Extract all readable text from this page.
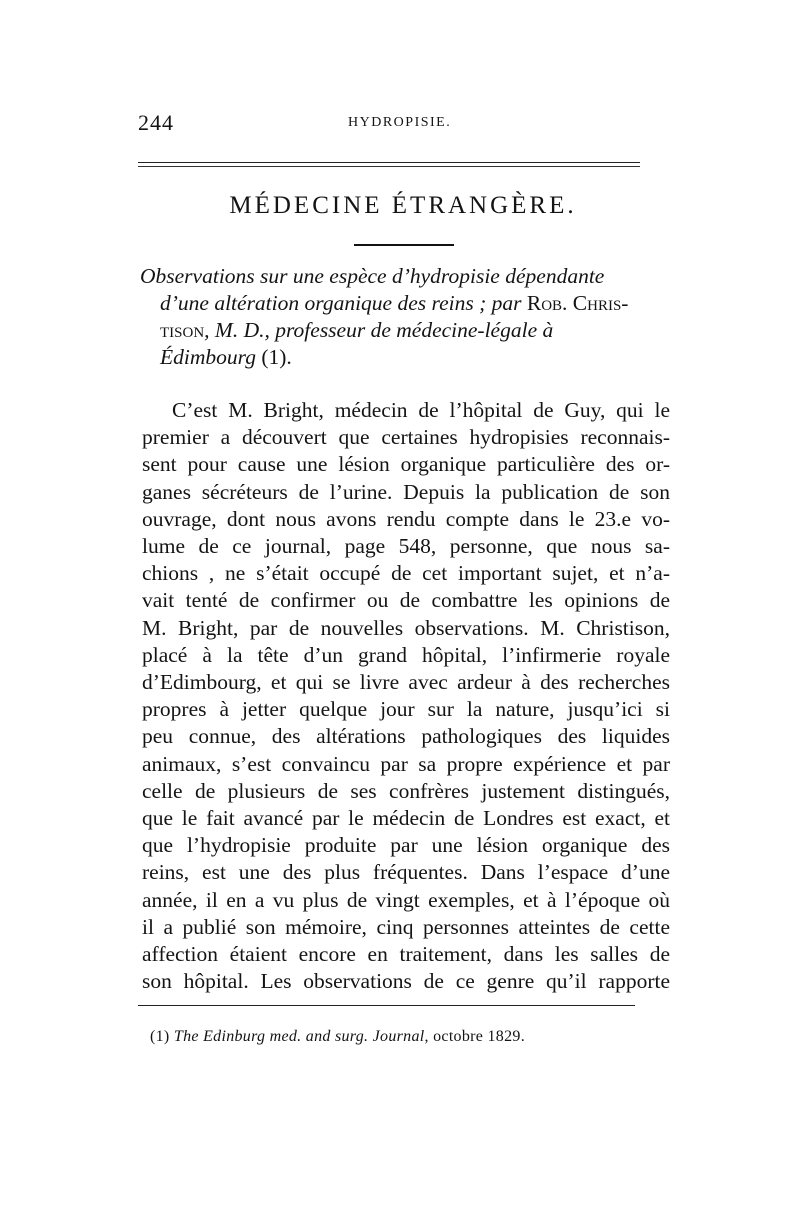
244	HYDROPISIE.
MÉDECINE ÉTRANGÈRE.
Observations sur une espèce d’hydropisie dépendante
d’une altération organique des reins ; par Rob. Chris-
tison, M. D., professeur de médecine-légale à
Édimbourg (1).
C’est M. Bright, médecin de l’hôpital de Guy, qui le
premier a découvert que certaines hydropisies reconnais-
sent pour cause une lésion organique particulière des or-
ganes sécréteurs de l’urine. Depuis la publication de son
ouvrage, dont nous avons rendu compte dans le 23.e vo-
lume de ce journal, page 548, personne, que nous sa-
chions , ne s’était occupé de cet important sujet, et n’a-
vait tenté de confirmer ou de combattre les opinions de
M. Bright, par de nouvelles observations. M. Christison,
placé à la tête d’un grand hôpital, l’infirmerie royale
d’Edimbourg, et qui se livre avec ardeur à des recherches
propres à jetter quelque jour sur la nature, jusqu’ici si
peu connue, des altérations pathologiques des liquides
animaux, s’est convaincu par sa propre expérience et par
celle de plusieurs de ses confrères justement distingués,
que le fait avancé par le médecin de Londres est exact, et
que l’hydropisie produite par une lésion organique des
reins, est une des plus fréquentes. Dans l’espace d’une
année, il en a vu plus de vingt exemples, et à l’époque où
il a publié son mémoire, cinq personnes atteintes de cette
affection étaient encore en traitement, dans les salles de
son hôpital. Les observations de ce genre qu’il rapporte
(1) The Edinburg med. and surg. Journal, octobre 1829.
